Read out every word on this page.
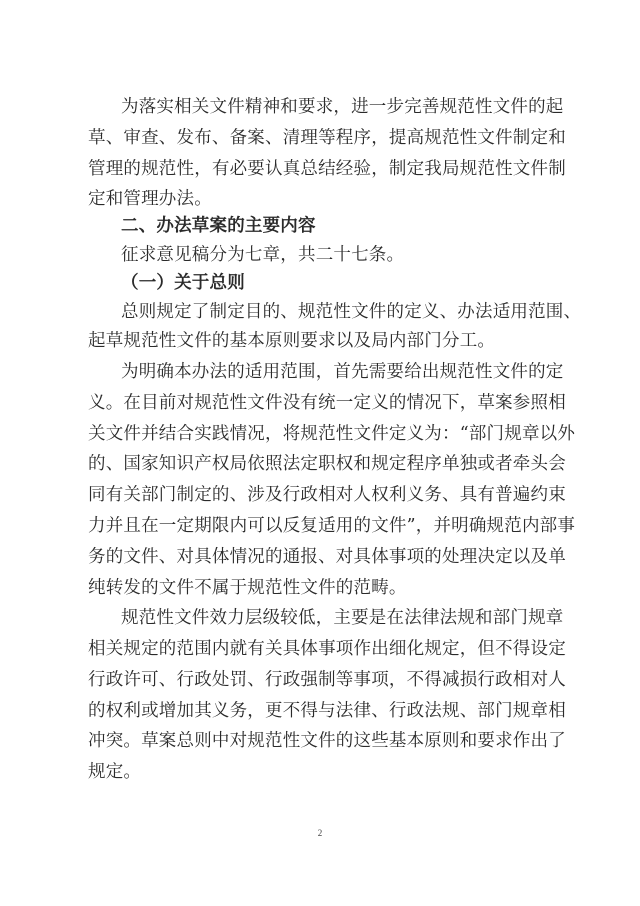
为落实相关文件精神和要求，进一步完善规范性文件的起
草、审查、发布、备案、清理等程序，提高规范性文件制定和
管理的规范性，有必要认真总结经验，制定我局规范性文件制
定和管理办法。
二、办法草案的主要内容
征求意见稿分为七章，共二十七条。
（一）关于总则
总则规定了制定目的、规范性文件的定义、办法适用范围、
起草规范性文件的基本原则要求以及局内部门分工。
为明确本办法的适用范围，首先需要给出规范性文件的定
义。在目前对规范性文件没有统一定义的情况下，草案参照相
关文件并结合实践情况，将规范性文件定义为：“部门规章以外
的、国家知识产权局依照法定职权和规定程序单独或者牵头会
同有关部门制定的、涉及行政相对人权利义务、具有普遍约束
力并且在一定期限内可以反复适用的文件”，并明确规范内部事
务的文件、对具体情况的通报、对具体事项的处理决定以及单
纯转发的文件不属于规范性文件的范畴。
规范性文件效力层级较低，主要是在法律法规和部门规章
相关规定的范围内就有关具体事项作出细化规定，但不得设定
行政许可、行政处罚、行政强制等事项，不得减损行政相对人
的权利或增加其义务，更不得与法律、行政法规、部门规章相
冲突。草案总则中对规范性文件的这些基本原则和要求作出了
规定。
2
